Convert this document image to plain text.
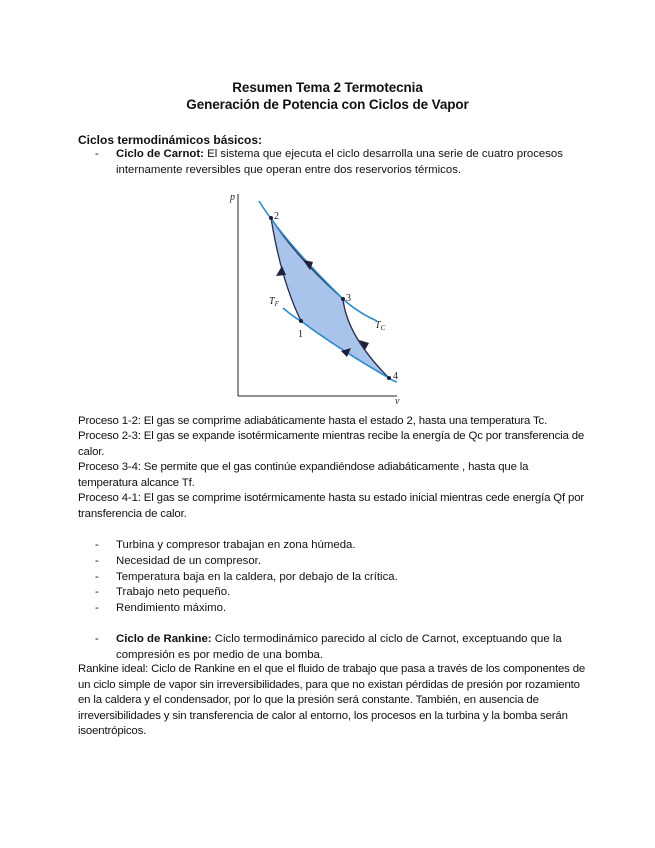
Resumen Tema 2 Termotecnia
Generación de Potencia con Ciclos de Vapor
Ciclos termodinámicos básicos:
- Ciclo de Carnot: El sistema que ejecuta el ciclo desarrolla una serie de cuatro procesos internamente reversibles que operan entre dos reservorios térmicos.
p
v
2
3
1
4
$T_F$
$T_C$
Proceso 1-2: El gas se comprime adiabáticamente hasta el estado 2, hasta una temperatura Tc.
Proceso 2-3: El gas se expande isotérmicamente mientras recibe la energía de Qc por transferencia de calor.
Proceso 3-4: Se permite que el gas continúe expandiéndose adiabáticamente , hasta que la temperatura alcance Tf.
Proceso 4-1: El gas se comprime isotérmicamente hasta su estado inicial mientras cede energía Qf por transferencia de calor.
- Turbina y compresor trabajan en zona húmeda.
- Necesidad de un compresor.
- Temperatura baja en la caldera, por debajo de la crítica.
- Trabajo neto pequeño.
- Rendimiento máximo.
- Ciclo de Rankine: Ciclo termodinámico parecido al ciclo de Carnot, exceptuando que la compresión es por medio de una bomba.
Rankine ideal: Ciclo de Rankine en el que el fluido de trabajo que pasa a través de los componentes de un ciclo simple de vapor sin irreversibilidades, para que no existan pérdidas de presión por rozamiento en la caldera y el condensador, por lo que la presión será constante. También, en ausencia de irreversibilidades y sin transferencia de calor al entorno, los procesos en la turbina y la bomba serán isoentrópicos.
